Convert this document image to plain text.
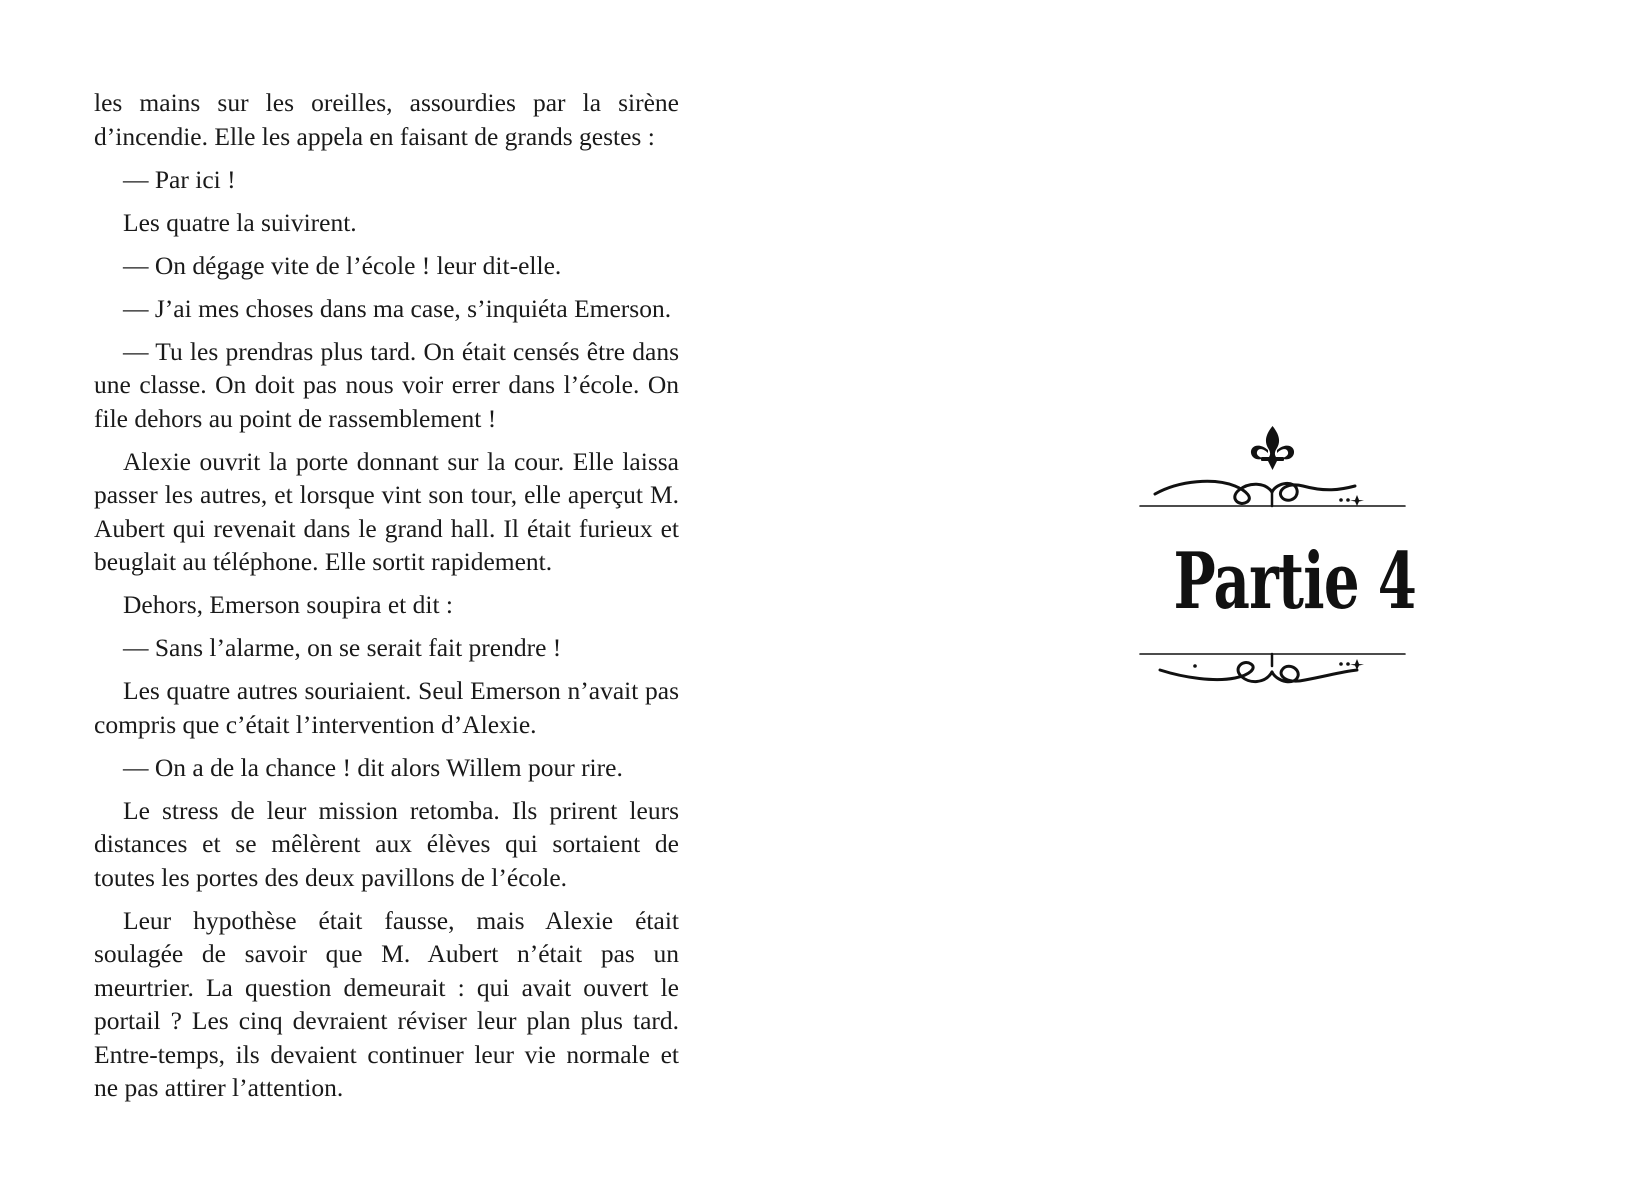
les mains sur les oreilles, assourdies par la sirène d’incendie. Elle les appela en faisant de grands gestes :

— Par ici !

Les quatre la suivirent.

— On dégage vite de l’école ! leur dit-elle.

— J’ai mes choses dans ma case, s’inquiéta Emerson.

— Tu les prendras plus tard. On était censés être dans une classe. On doit pas nous voir errer dans l’école. On file dehors au point de rassemblement !

Alexie ouvrit la porte donnant sur la cour. Elle laissa passer les autres, et lorsque vint son tour, elle aperçut M. Aubert qui revenait dans le grand hall. Il était furieux et beuglait au téléphone. Elle sortit rapidement.

Dehors, Emerson soupira et dit :

— Sans l’alarme, on se serait fait prendre !

Les quatre autres souriaient. Seul Emerson n’avait pas compris que c’était l’intervention d’Alexie.

— On a de la chance ! dit alors Willem pour rire.

Le stress de leur mission retomba. Ils prirent leurs distances et se mêlèrent aux élèves qui sortaient de toutes les portes des deux pavillons de l’école.

Leur hypothèse était fausse, mais Alexie était soulagée de savoir que M. Aubert n’était pas un meurtrier. La question demeurait : qui avait ouvert le portail ? Les cinq devraient réviser leur plan plus tard. Entre-temps, ils devaient continuer leur vie normale et ne pas attirer l’attention.

Partie 4
